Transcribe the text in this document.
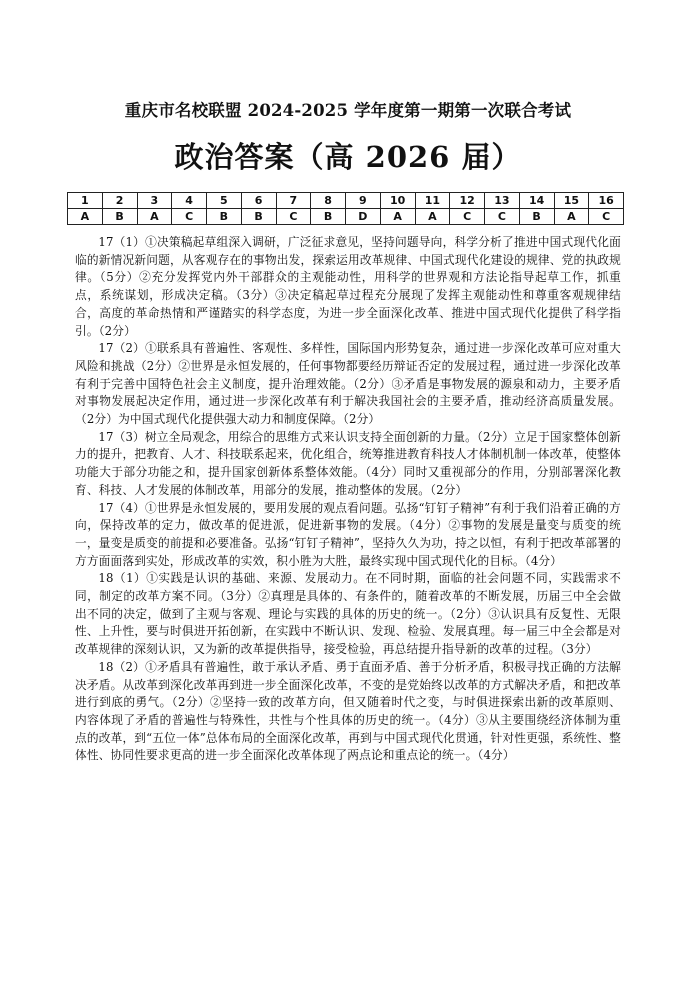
重庆市名校联盟 2024-2025 学年度第一期第一次联合考试
政治答案（高 2026 届）
1	2	3	4	5	6	7	8	9	10	11	12	13	14	15	16
A	B	A	C	B	B	C	B	D	A	A	C	C	B	A	C

17（1）①决策稿起草组深入调研，广泛征求意见，坚持问题导向，科学分析了推进中国式现代化面临的新情况新问题，从客观存在的事物出发，探索运用改革规律、中国式现代化建设的规律、党的执政规律。（5分）②充分发挥党内外干部群众的主观能动性，用科学的世界观和方法论指导起草工作，抓重点，系统谋划，形成决定稿。（3分）③决定稿起草过程充分展现了发挥主观能动性和尊重客观规律结合，高度的革命热情和严谨踏实的科学态度，为进一步全面深化改革、推进中国式现代化提供了科学指引。（2分）

17（2）①联系具有普遍性、客观性、多样性，国际国内形势复杂，通过进一步深化改革可应对重大风险和挑战（2分）②世界是永恒发展的，任何事物都要经历辩证否定的发展过程，通过进一步深化改革有利于完善中国特色社会主义制度，提升治理效能。（2分）③矛盾是事物发展的源泉和动力，主要矛盾对事物发展起决定作用，通过进一步深化改革有利于解决我国社会的主要矛盾，推动经济高质量发展。（2分）为中国式现代化提供强大动力和制度保障。（2分）

17（3）树立全局观念，用综合的思维方式来认识支持全面创新的力量。（2分）立足于国家整体创新力的提升，把教育、人才、科技联系起来，优化组合，统筹推进教育科技人才体制机制一体改革，使整体功能大于部分功能之和，提升国家创新体系整体效能。（4分）同时又重视部分的作用，分别部署深化教育、科技、人才发展的体制改革，用部分的发展，推动整体的发展。（2分）

17（4）①世界是永恒发展的，要用发展的观点看问题。弘扬“钉钉子精神”有利于我们沿着正确的方向，保持改革的定力，做改革的促进派，促进新事物的发展。（4分）②事物的发展是量变与质变的统一，量变是质变的前提和必要准备。弘扬“钉钉子精神”，坚持久久为功，持之以恒，有利于把改革部署的方方面面落到实处，形成改革的实效，积小胜为大胜，最终实现中国式现代化的目标。（4分）

18（1）①实践是认识的基础、来源、发展动力。在不同时期，面临的社会问题不同，实践需求不同，制定的改革方案不同。（3分）②真理是具体的、有条件的，随着改革的不断发展，历届三中全会做出不同的决定，做到了主观与客观、理论与实践的具体的历史的统一。（2分）③认识具有反复性、无限性、上升性，要与时俱进开拓创新，在实践中不断认识、发现、检验、发展真理。每一届三中全会都是对改革规律的深刻认识，又为新的改革提供指导，接受检验，再总结提升指导新的改革的过程。（3分）

18（2）①矛盾具有普遍性，敢于承认矛盾、勇于直面矛盾、善于分析矛盾，积极寻找正确的方法解决矛盾。从改革到深化改革再到进一步全面深化改革，不变的是党始终以改革的方式解决矛盾，和把改革进行到底的勇气。（2分）②坚持一致的改革方向，但又随着时代之变，与时俱进探索出新的改革原则、内容体现了矛盾的普遍性与特殊性，共性与个性具体的历史的统一。（4分）③从主要围绕经济体制为重点的改革，到“五位一体”总体布局的全面深化改革，再到与中国式现代化贯通，针对性更强，系统性、整体性、协同性要求更高的进一步全面深化改革体现了两点论和重点论的统一。（4分）
